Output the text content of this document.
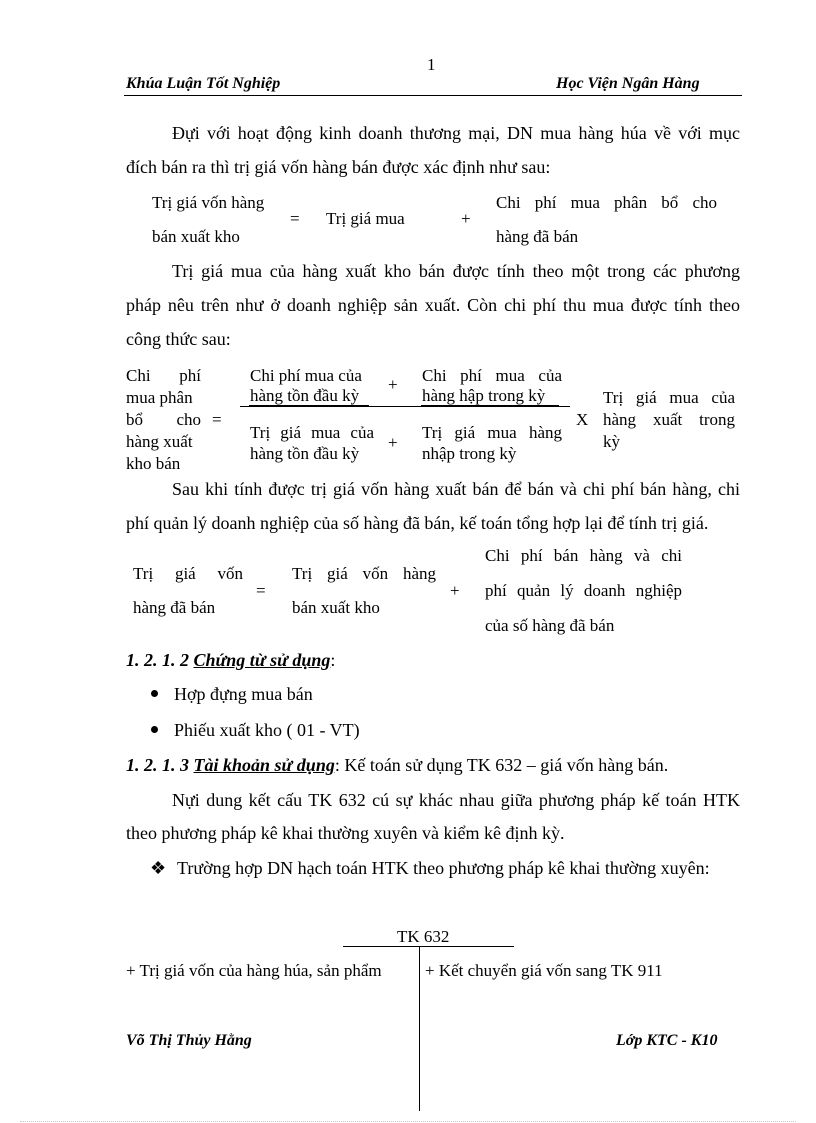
1
Khúa Luận Tốt Nghiệp	Học Viện Ngân Hàng
Đựi với hoạt động kinh doanh thương mại, DN mua hàng húa về với mục
đích bán ra thì trị giá vốn hàng bán được xác định như sau:
Trị giá vốn hàng
bán xuất kho
= Trị giá mua	+
Chi phí mua phân bổ cho
hàng đã bán
Trị giá mua của hàng xuất kho bán được tính theo một trong các phương
pháp nêu trên như ở doanh nghiệp sản xuất. Còn chi phí thu mua được tính theo
công thức sau:
Chi phí
mua phân
bổ cho
hàng xuất
kho bán
=
Chi phí mua của
hàng tồn đầu kỳ
+ Chi phí mua của
hàng hập trong kỳ
Trị giá mua của
hàng tồn đầu kỳ
+
Trị giá mua hàng
nhập trong kỳ
X
Trị giá mua của
hàng xuất trong
kỳ
Sau khi tính được trị giá vốn hàng xuất bán để bán và chi phí bán hàng, chi
phí quản lý doanh nghiệp của số hàng đã bán, kế toán tổng hợp lại để tính trị giá.
Trị giá vốn
hàng đã bán
=
Trị giá vốn hàng
bán xuất kho
+
Chi phí bán hàng và chi
phí quản lý doanh nghiệp
của số hàng đã bán
1. 2. 1. 2 Chứng từ sử dụng:
Hợp đựng mua bán
Phiếu xuất kho ( 01 - VT)
1. 2. 1. 3 Tài khoản sử dụng: Kế toán sử dụng TK 632 – giá vốn hàng bán.
Nựi dung kết cấu TK 632 cú sự khác nhau giữa phương pháp kế toán HTK
theo phương pháp kê khai thường xuyên và kiểm kê định kỳ.
❖ Trường hợp DN hạch toán HTK theo phương pháp kê khai thường xuyên:
TK 632
+ Trị giá vốn của hàng húa, sản phẩm	+ Kết chuyển giá vốn sang TK 911
Võ Thị Thủy Hằng	Lớp KTC - K10
